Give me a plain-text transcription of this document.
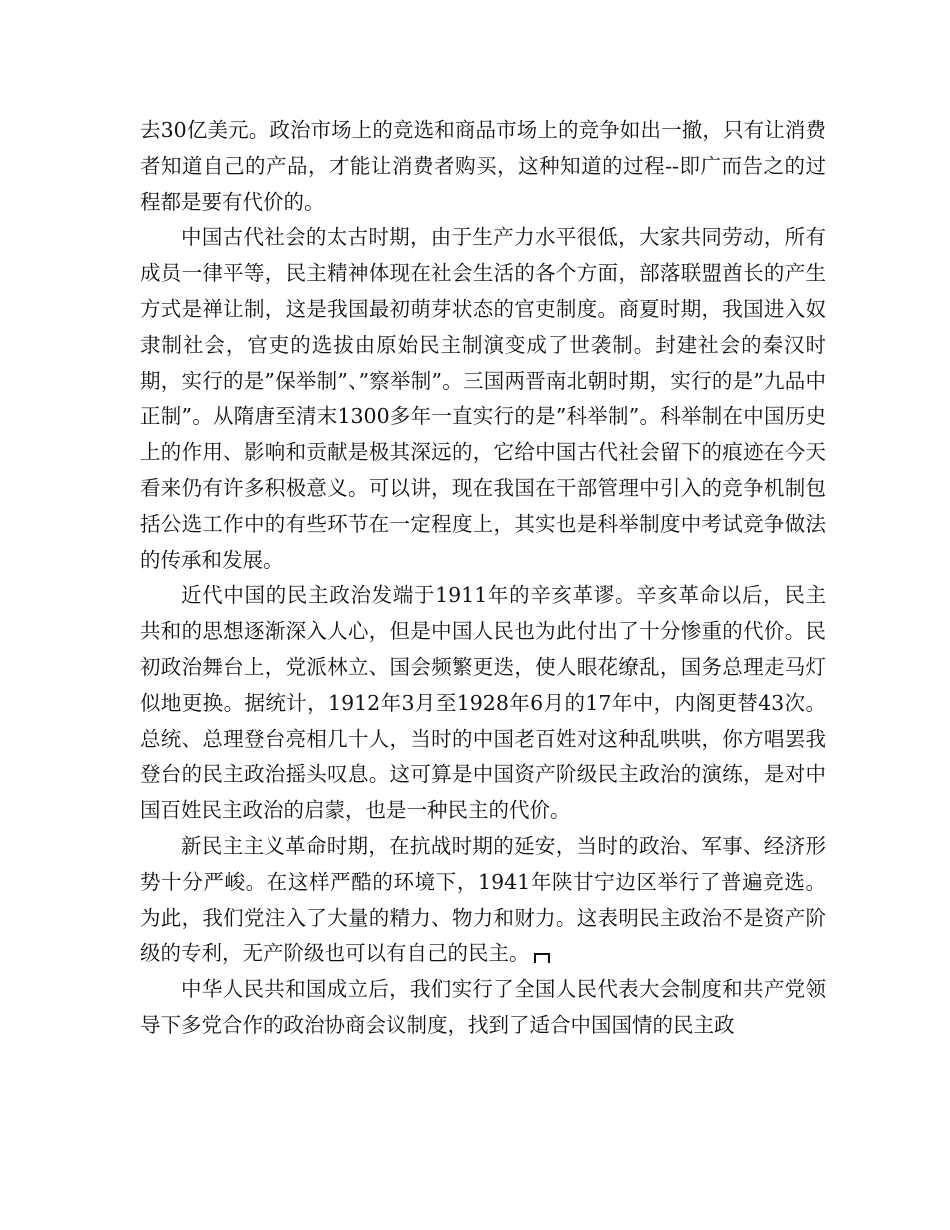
去30亿美元。政治市场上的竞选和商品市场上的竞争如出一撤，只有让消费者知道自己的产品，才能让消费者购买，这种知道的过程--即广而告之的过程都是要有代价的。

中国古代社会的太古时期，由于生产力水平很低，大家共同劳动，所有成员一律平等，民主精神体现在社会生活的各个方面，部落联盟酋长的产生方式是禅让制，这是我国最初萌芽状态的官吏制度。商夏时期，我国进入奴隶制社会，官吏的选拔由原始民主制演变成了世袭制。封建社会的秦汉时期，实行的是”保举制”、”察举制”。三国两晋南北朝时期，实行的是”九品中正制”。从隋唐至清末1300多年一直实行的是”科举制”。科举制在中国历史上的作用、影响和贡献是极其深远的，它给中国古代社会留下的痕迹在今天看来仍有许多积极意义。可以讲，现在我国在干部管理中引入的竞争机制包括公选工作中的有些环节在一定程度上，其实也是科举制度中考试竞争做法的传承和发展。

近代中国的民主政治发端于1911年的辛亥革谬。辛亥革命以后，民主共和的思想逐渐深入人心，但是中国人民也为此付出了十分惨重的代价。民初政治舞台上，党派林立、国会频繁更迭，使人眼花缭乱，国务总理走马灯似地更换。据统计，1912年3月至1928年6月的17年中，内阁更替43次。总统、总理登台亮相几十人，当时的中国老百姓对这种乱哄哄，你方唱罢我登台的民主政治摇头叹息。这可算是中国资产阶级民主政治的演练，是对中国百姓民主政治的启蒙，也是一种民主的代价。

新民主主义革命时期，在抗战时期的延安，当时的政治、军事、经济形势十分严峻。在这样严酷的环境下，1941年陕甘宁边区举行了普遍竞选。为此，我们党注入了大量的精力、物力和财力。这表明民主政治不是资产阶级的专利，无产阶级也可以有自己的民主。

中华人民共和国成立后，我们实行了全国人民代表大会制度和共产党领导下多党合作的政治协商会议制度，找到了适合中国国情的民主政
